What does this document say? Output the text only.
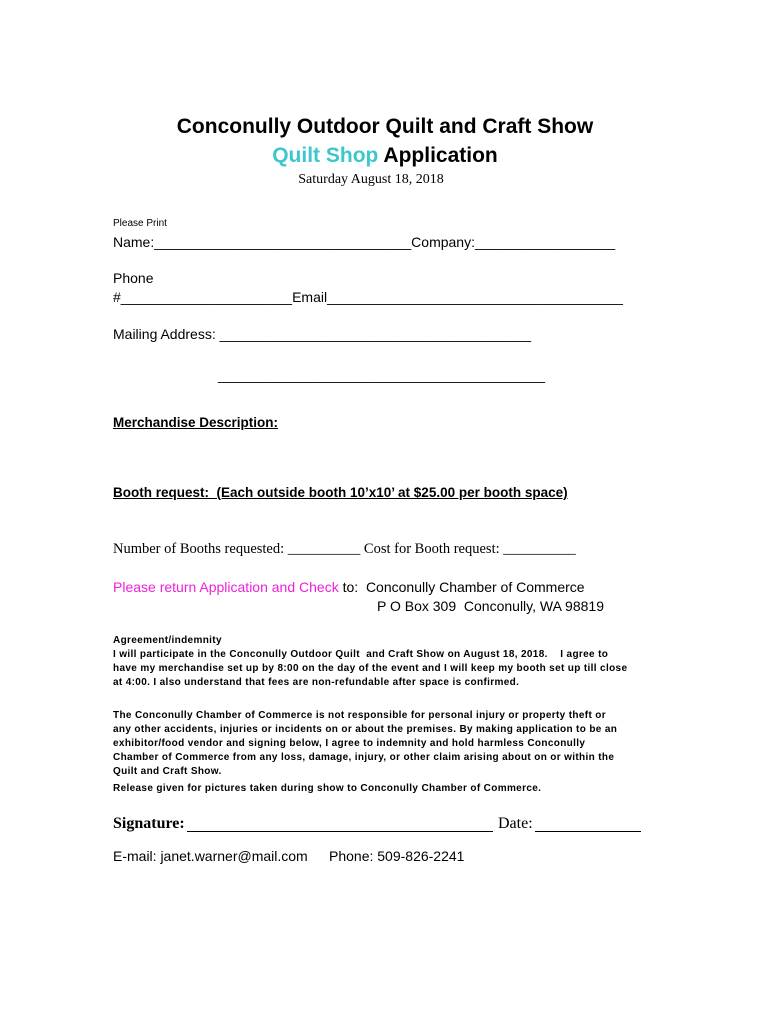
Conconully Outdoor Quilt and Craft Show
Quilt Shop Application
Saturday August 18, 2018
Please Print
Name:_________________________________Company:__________________
Phone
#______________________Email______________________________________
Mailing Address: ________________________________________
__________________________________________
Merchandise Description:
Booth request:  (Each outside booth 10’x10’ at $25.00 per booth space)
Number of Booths requested: __________ Cost for Booth request: __________
Please return Application and Check to:  Conconully Chamber of Commerce
P O Box 309  Conconully, WA 98819
Agreement/indemnity
I will participate in the Conconully Outdoor Quilt  and Craft Show on August 18, 2018.    I agree to
have my merchandise set up by 8:00 on the day of the event and I will keep my booth set up till close
at 4:00. I also understand that fees are non-refundable after space is confirmed.
The Conconully Chamber of Commerce is not responsible for personal injury or property theft or
any other accidents, injuries or incidents on or about the premises. By making application to be an
exhibitor/food vendor and signing below, I agree to indemnity and hold harmless Conconully
Chamber of Commerce from any loss, damage, injury, or other claim arising about on or within the
Quilt and Craft Show.
Release given for pictures taken during show to Conconully Chamber of Commerce.
Signature:	Date:
E-mail: janet.warner@mail.com Phone: 509-826-2241
